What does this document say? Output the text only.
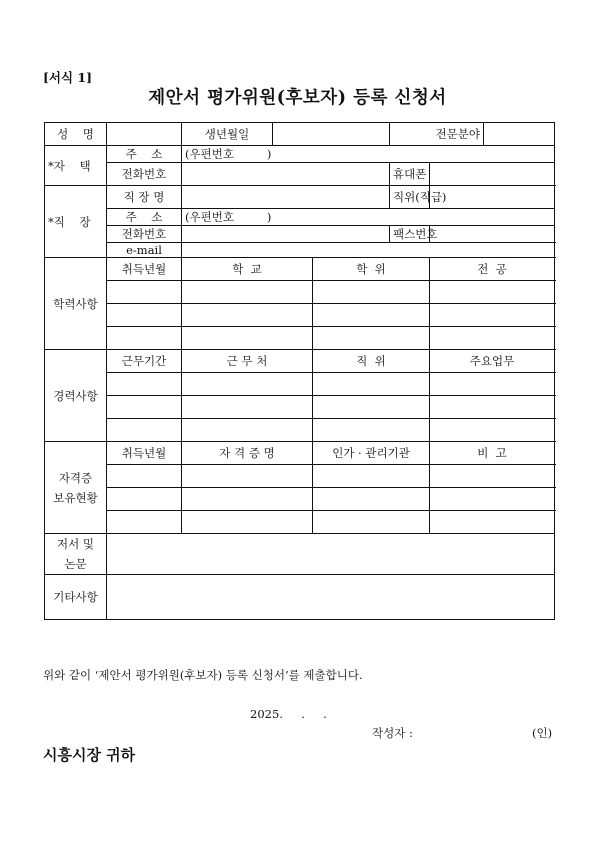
[서식 1]
제안서 평가위원(후보자) 등록 신청서
성    명		생년월일			전문분야		
*자    택	주    소	(우편번호         )					
	전화번호				휴대폰		
*직    장	직 장 명				직위(직급)		
	주    소	(우편번호         )					
	전화번호				팩스번호		
	e-mail						
학력사항	취득년월	학  교		학  위		전  공	

경력사항	근무기간	근 무 처		직  위		주요업무	

자격증 보유현황	취득년월	자 격 증 명		인가 · 관리기관		비  고	

저서 및 논문							
기타사항							
위와 같이 ‘제안서 평가위원(후보자) 등록 신청서’를 제출합니다.
2025.     .     .
작성자 :	(인)
시흥시장 귀하
